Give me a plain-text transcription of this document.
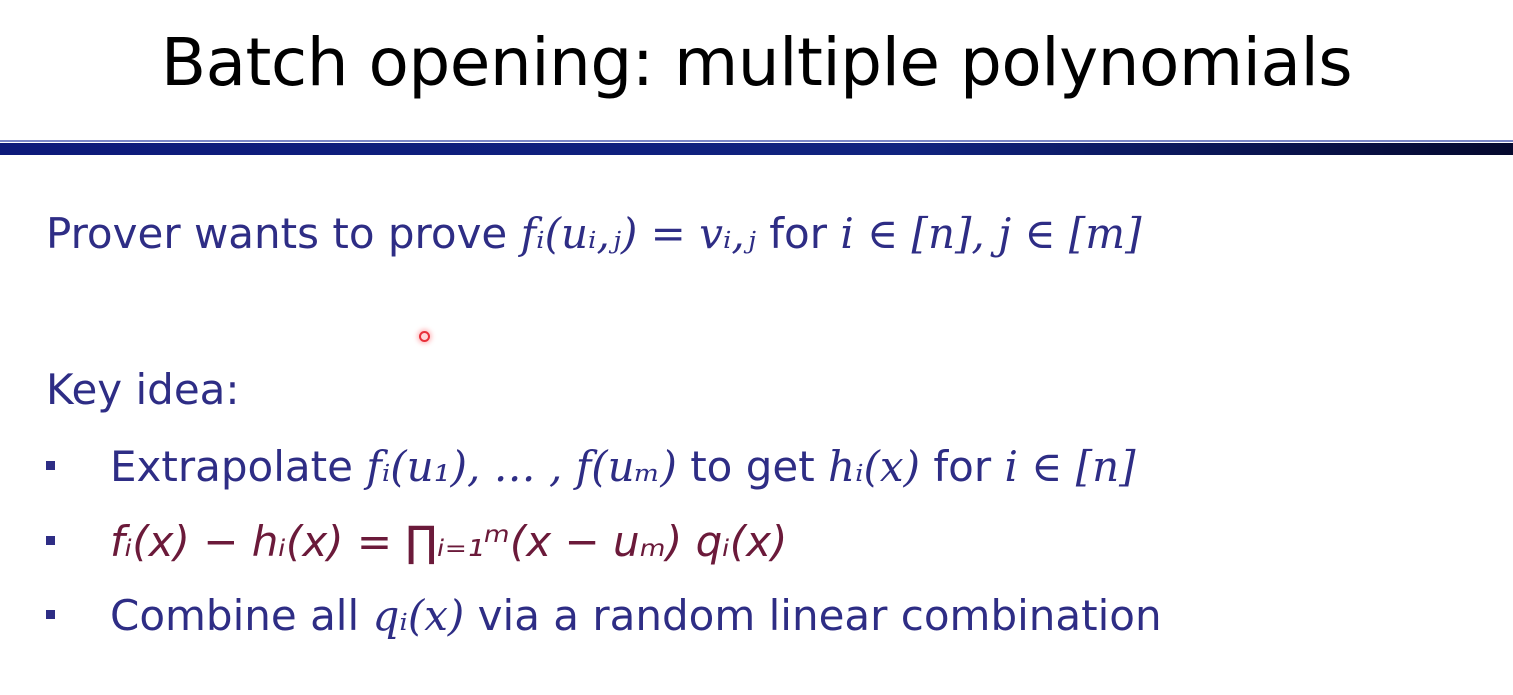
Batch opening: multiple polynomials
Prover wants to prove fᵢ(uᵢ,ⱼ) = vᵢ,ⱼ for i ∈ [n], j ∈ [m]
Key idea:
Extrapolate fᵢ(u₁), … , f(uₘ) to get hᵢ(x) for i ∈ [n]
fᵢ(x) − hᵢ(x) = ∏ᵢ₌₁ᵐ(x − uₘ) qᵢ(x)
Combine all qᵢ(x) via a random linear combination
